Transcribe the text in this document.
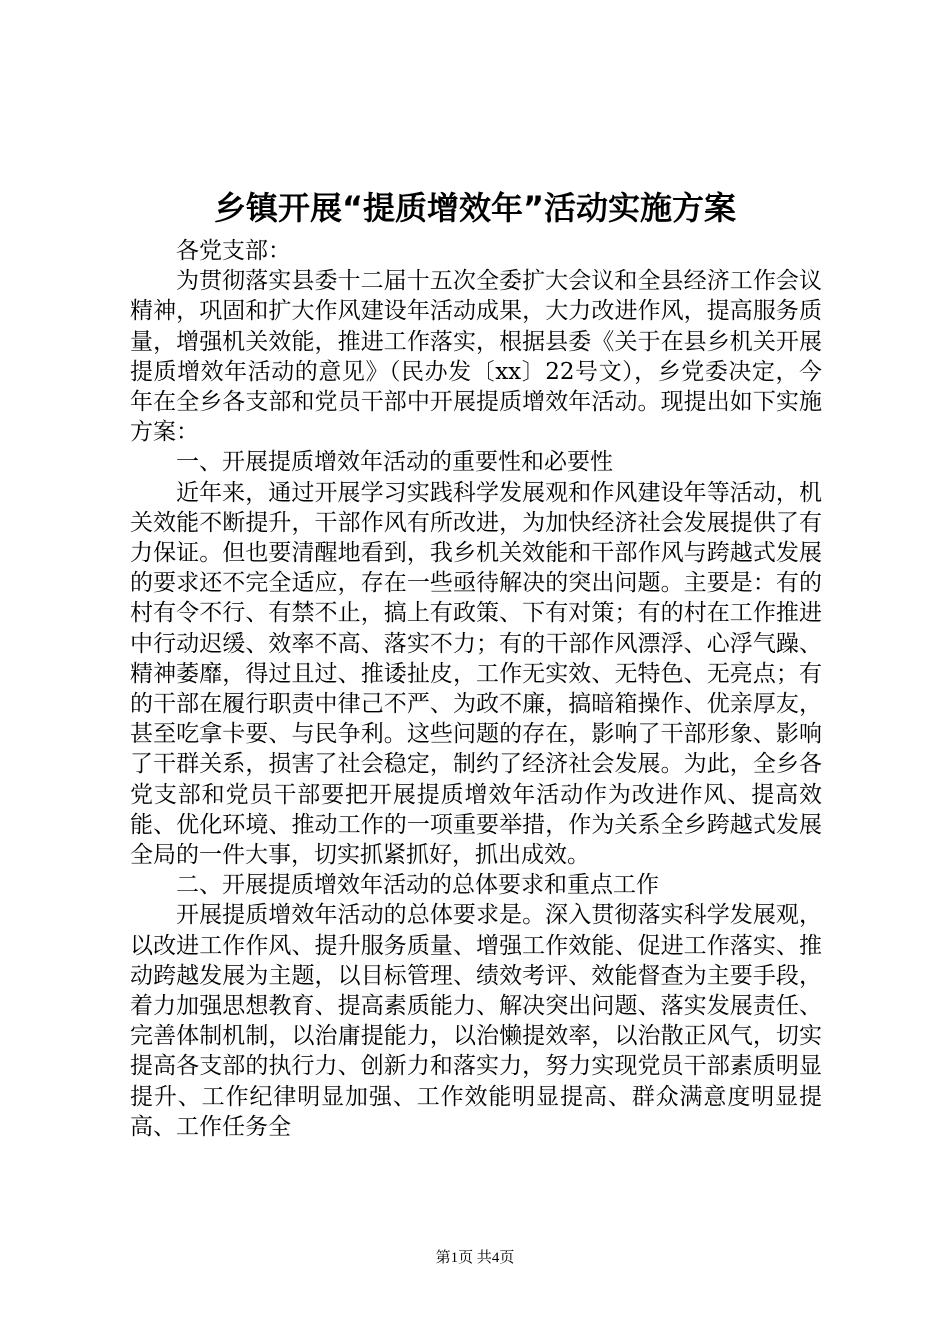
乡镇开展“提质增效年”活动实施方案

各党支部：

为贯彻落实县委十二届十五次全委扩大会议和全县经济工作会议精神，巩固和扩大作风建设年活动成果，大力改进作风，提高服务质量，增强机关效能，推进工作落实，根据县委《关于在县乡机关开展提质增效年活动的意见》（民办发〔xx〕22号文），乡党委决定，今年在全乡各支部和党员干部中开展提质增效年活动。现提出如下实施方案：

一、开展提质增效年活动的重要性和必要性

近年来，通过开展学习实践科学发展观和作风建设年等活动，机关效能不断提升，干部作风有所改进，为加快经济社会发展提供了有力保证。但也要清醒地看到，我乡机关效能和干部作风与跨越式发展的要求还不完全适应，存在一些亟待解决的突出问题。主要是：有的村有令不行、有禁不止，搞上有政策、下有对策；有的村在工作推进中行动迟缓、效率不高、落实不力；有的干部作风漂浮、心浮气躁、精神萎靡，得过且过、推诿扯皮，工作无实效、无特色、无亮点；有的干部在履行职责中律己不严、为政不廉，搞暗箱操作、优亲厚友，甚至吃拿卡要、与民争利。这些问题的存在，影响了干部形象、影响了干群关系，损害了社会稳定，制约了经济社会发展。为此，全乡各党支部和党员干部要把开展提质增效年活动作为改进作风、提高效能、优化环境、推动工作的一项重要举措，作为关系全乡跨越式发展全局的一件大事，切实抓紧抓好，抓出成效。

二、开展提质增效年活动的总体要求和重点工作

开展提质增效年活动的总体要求是。深入贯彻落实科学发展观，以改进工作作风、提升服务质量、增强工作效能、促进工作落实、推动跨越发展为主题，以目标管理、绩效考评、效能督查为主要手段，着力加强思想教育、提高素质能力、解决突出问题、落实发展责任、完善体制机制，以治庸提能力，以治懒提效率，以治散正风气，切实提高各支部的执行力、创新力和落实力，努力实现党员干部素质明显提升、工作纪律明显加强、工作效能明显提高、群众满意度明显提高、工作任务全

第1页 共4页
